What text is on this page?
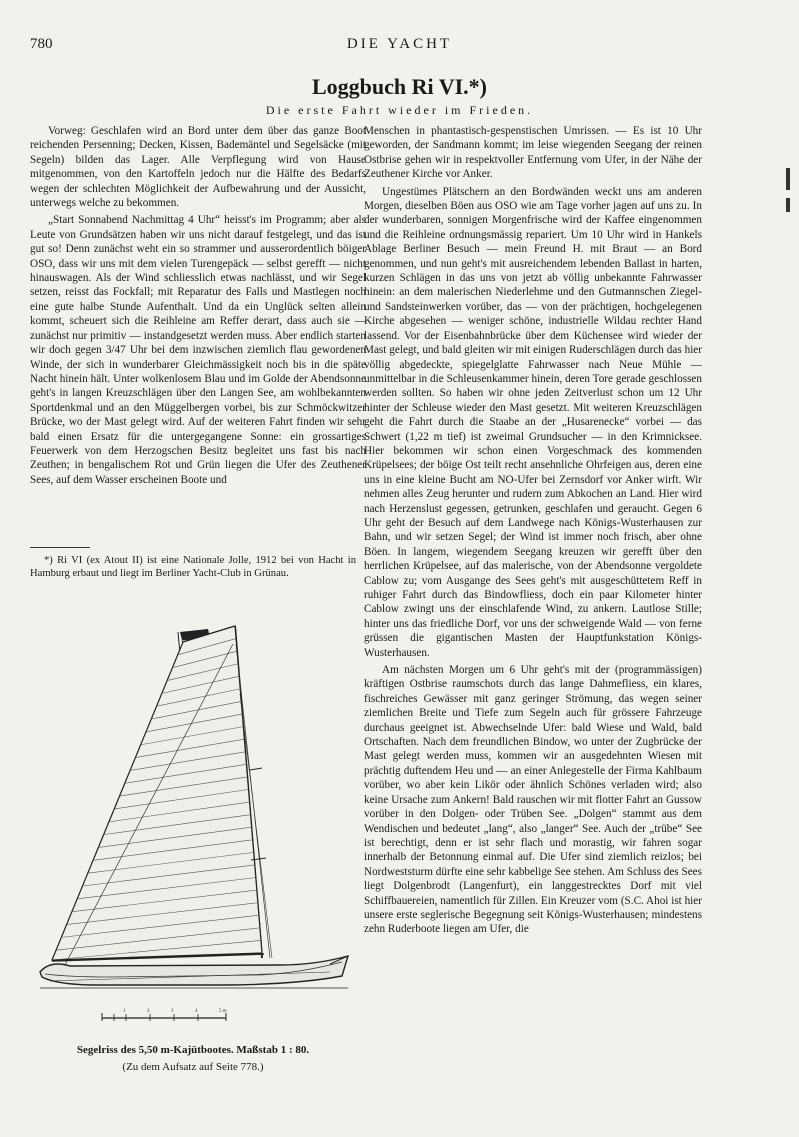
780	DIE YACHT
Loggbuch Ri VI.*)
Die erste Fahrt wieder im Frieden.

Vorweg: Geschlafen wird an Bord unter dem über das ganze Boot reichenden Persenning; Decken, Kissen, Bademäntel und Segelsäcke (mit Segeln) bilden das Lager. Alle Verpflegung wird von Hause mitgenommen, von den Kartoffeln jedoch nur die Hälfte des Bedarfs wegen der schlechten Möglichkeit der Aufbewahrung und der Aussicht, unterwegs welche zu bekommen.

„Start Sonnabend Nachmittag 4 Uhr“ heisst's im Programm; aber als Leute von Grundsätzen haben wir uns nicht darauf festgelegt, und das ist gut so! Denn zunächst weht ein so strammer und ausserordentlich böiger OSO, dass wir uns mit dem vielen Turengepäck — selbst gerefft — nicht hinauswagen. Als der Wind schliesslich etwas nachlässt, und wir Segel setzen, reisst das Fockfall; mit Reparatur des Falls und Mastlegen noch eine gute halbe Stunde Aufenthalt. Und da ein Unglück selten allein kommt, scheuert sich die Reihleine am Reffer derart, dass auch sie — zunächst nur primitiv — instandgesetzt werden muss. Aber endlich starten wir doch gegen 3/47 Uhr bei dem inzwischen ziemlich flau gewordenen Winde, der sich in wunderbarer Gleichmässigkeit noch bis in die späte Nacht hinein hält. Unter wolkenlosem Blau und im Golde der Abendsonne geht's in langen Kreuzschlägen über den Langen See, am wohlbekannten Sportdenkmal und an den Müggelbergen vorbei, bis zur Schmöckwitzer Brücke, wo der Mast gelegt wird. Auf der weiteren Fahrt finden wir sehr bald einen Ersatz für die untergegangene Sonne: ein grossartiges Feuerwerk von dem Herzogschen Besitz begleitet uns fast bis nach Zeuthen; in bengalischem Rot und Grün liegen die Ufer des Zeuthener Sees, auf dem Wasser erscheinen Boote und

*) Ri VI (ex Atout II) ist eine Nationale Jolle, 1912 bei von Hacht in Hamburg erbaut und liegt im Berliner Yacht-Club in Grünau.
1	2	3	4	5 m
Segelriss des 5,50 m-Kajütbootes. Maßstab 1 : 80.
(Zu dem Aufsatz auf Seite 778.)

Menschen in phantastisch-gespenstischen Umrissen. — Es ist 10 Uhr geworden, der Sandmann kommt; im leise wiegenden Seegang der reinen Ostbrise gehen wir in respektvoller Entfernung vom Ufer, in der Nähe der Zeuthener Kirche vor Anker.

Ungestümes Plätschern an den Bordwänden weckt uns am anderen Morgen, dieselben Böen aus OSO wie am Tage vorher jagen auf uns zu. In der wunderbaren, sonnigen Morgenfrische wird der Kaffee eingenommen und die Reihleine ordnungsmässig repariert. Um 10 Uhr wird in Hankels Ablage Berliner Besuch — mein Freund H. mit Braut — an Bord genommen, und nun geht's mit ausreichendem lebenden Ballast in harten, kurzen Schlägen in das uns von jetzt ab völlig unbekannte Fahrwasser hinein: an dem malerischen Niederlehme und den Gutmannschen Ziegel- und Sandsteinwerken vorüber, das — von der prächtigen, hochgelegenen Kirche abgesehen — weniger schöne, industrielle Wildau rechter Hand lassend. Vor der Eisenbahnbrücke über dem Küchensee wird wieder der Mast gelegt, und bald gleiten wir mit einigen Ruderschlägen durch das hier völlig abgedeckte, spiegelglatte Fahrwasser nach Neue Mühle — unmittelbar in die Schleusenkammer hinein, deren Tore gerade geschlossen werden sollten. So haben wir ohne jeden Zeitverlust schon um 12 Uhr hinter der Schleuse wieder den Mast gesetzt. Mit weiteren Kreuzschlägen geht die Fahrt durch die Staabe an der „Husarenecke“ vorbei — das Schwert (1,22 m tief) ist zweimal Grundsucher — in den Krimnicksee. Hier bekommen wir schon einen Vorgeschmack des kommenden Krüpelsees; der böige Ost teilt recht ansehnliche Ohrfeigen aus, deren eine uns in eine kleine Bucht am NO-Ufer bei Zernsdorf vor Anker wirft. Wir nehmen alles Zeug herunter und rudern zum Abkochen an Land. Hier wird nach Herzenslust gegessen, getrunken, geschlafen und geraucht. Gegen 6 Uhr geht der Besuch auf dem Landwege nach Königs-Wusterhausen zur Bahn, und wir setzen Segel; der Wind ist immer noch frisch, aber ohne Böen. In langem, wiegendem Seegang kreuzen wir gerefft über den herrlichen Krüpelsee, auf das malerische, von der Abendsonne vergoldete Cablow zu; vom Ausgange des Sees geht's mit ausgeschüttetem Reff in ruhiger Fahrt durch das Bindowfliess, doch ein paar Kilometer hinter Cablow zwingt uns der einschlafende Wind, zu ankern. Lautlose Stille; hinter uns das friedliche Dorf, vor uns der schweigende Wald — von ferne grüssen die gigantischen Masten der Hauptfunkstation Königs-Wusterhausen.

Am nächsten Morgen um 6 Uhr geht's mit der (programmässigen) kräftigen Ostbrise raumschots durch das lange Dahmefliess, ein klares, fischreiches Gewässer mit ganz geringer Strömung, das wegen seiner ziemlichen Breite und Tiefe zum Segeln auch für grössere Fahrzeuge durchaus geeignet ist. Abwechselnde Ufer: bald Wiese und Wald, bald Ortschaften. Nach dem freundlichen Bindow, wo unter der Zugbrücke der Mast gelegt werden muss, kommen wir an ausgedehnten Wiesen mit prächtig duftendem Heu und — an einer Anlegestelle der Firma Kahlbaum vorüber, wo aber kein Likör oder ähnlich Schönes verladen wird; also keine Ursache zum Ankern! Bald rauschen wir mit flotter Fahrt an Gussow vorüber in den Dolgen- oder Trüben See. „Dolgen“ stammt aus dem Wendischen und bedeutet „lang“, also „langer“ See. Auch der „trübe“ See ist berechtigt, denn er ist sehr flach und morastig, wir fahren sogar innerhalb der Betonnung einmal auf. Die Ufer sind ziemlich reizlos; bei Nordweststurm dürfte eine sehr kabbelige See stehen. Am Schluss des Sees liegt Dolgenbrodt (Langenfurt), ein langgestrecktes Dorf mit viel Schiffbauereien, namentlich für Zillen. Ein Kreuzer vom (S.C. Ahoi ist hier unsere erste seglerische Begegnung seit Königs-Wusterhausen; mindestens zehn Ruderboote liegen am Ufer, die
